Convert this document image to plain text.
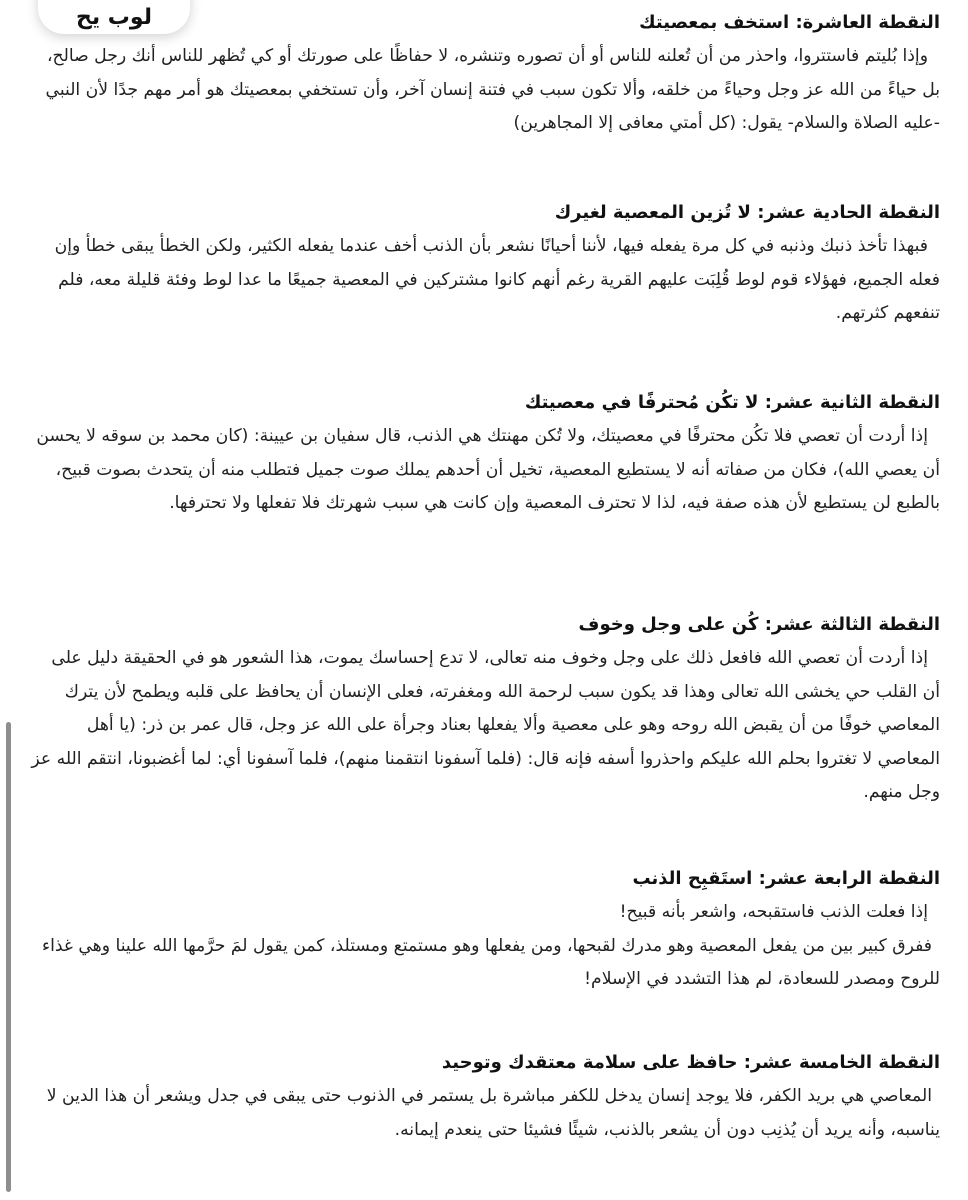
لوب يح	النقطة العاشرة: استخف بمعصيتك

وإذا بُليتم فاستتروا، واحذر من أن تُعلنه للناس أو أن تصوره وتنشره، لا حفاظًا على صورتك أو كي تُظهر للناس أنك رجل صالح، بل حياءً من الله عز وجل وحياءً من خلقه، وألا تكون سبب في فتنة إنسان آخر، وأن تستخفي بمعصيتك هو أمر مهم جدًا لأن النبي -عليه الصلاة والسلام- يقول: (كل أمتي معافى إلا المجاهرين)

النقطة الحادية عشر: لا تُزين المعصية لغيرك

فبهذا تأخذ ذنبك وذنبه في كل مرة يفعله فيها، لأننا أحيانًا نشعر بأن الذنب أخف عندما يفعله الكثير، ولكن الخطأ يبقى خطأ وإن فعله الجميع، فهؤلاء قوم لوط قُلِبَت عليهم القرية رغم أنهم كانوا مشتركين في المعصية جميعًا ما عدا لوط وفئة قليلة معه، فلم تنفعهم كثرتهم.

النقطة الثانية عشر: لا تكُن مُحترفًا في معصيتك

إذا أردت أن تعصي فلا تكُن محترفًا في معصيتك، ولا تُكن مهنتك هي الذنب، قال سفيان بن عيينة: (كان محمد بن سوقه لا يحسن أن يعصي الله)، فكان من صفاته أنه لا يستطيع المعصية، تخيل أن أحدهم يملك صوت جميل فتطلب منه أن يتحدث بصوت قبيح، بالطبع لن يستطيع لأن هذه صفة فيه، لذا لا تحترف المعصية وإن كانت هي سبب شهرتك فلا تفعلها ولا تحترفها.

النقطة الثالثة عشر: كُن على وجل وخوف

إذا أردت أن تعصي الله فافعل ذلك على وجل وخوف منه تعالى، لا تدع إحساسك يموت، هذا الشعور هو في الحقيقة دليل على أن القلب حي يخشى الله تعالى وهذا قد يكون سبب لرحمة الله ومغفرته، فعلى الإنسان أن يحافظ على قلبه ويطمح لأن يترك المعاصي خوفًا من أن يقبض الله روحه وهو على معصية وألا يفعلها بعناد وجرأة على الله عز وجل، قال عمر بن ذر: (يا أهل المعاصي لا تغتروا بحلم الله عليكم واحذروا أسفه فإنه قال: (فلما آسفونا انتقمنا منهم)، فلما آسفونا أي: لما أغضبونا، انتقم الله عز وجل منهم.

النقطة الرابعة عشر: استَقبِح الذنب

إذا فعلت الذنب فاستقبحه، واشعر بأنه قبيح!

ففرق كبير بين من يفعل المعصية وهو مدرك لقبحها، ومن يفعلها وهو مستمتع ومستلذ، كمن يقول لمَ حرَّمها الله علينا وهي غذاء للروح ومصدر للسعادة، لم هذا التشدد في الإسلام!

النقطة الخامسة عشر: حافظ على سلامة معتقدك وتوحيد

المعاصي هي بريد الكفر، فلا يوجد إنسان يدخل للكفر مباشرة بل يستمر في الذنوب حتى يبقى في جدل ويشعر أن هذا الدين لا يناسبه، وأنه يريد أن يُذنِب دون أن يشعر بالذنب، شيئًا فشيئا حتى ينعدم إيمانه.
